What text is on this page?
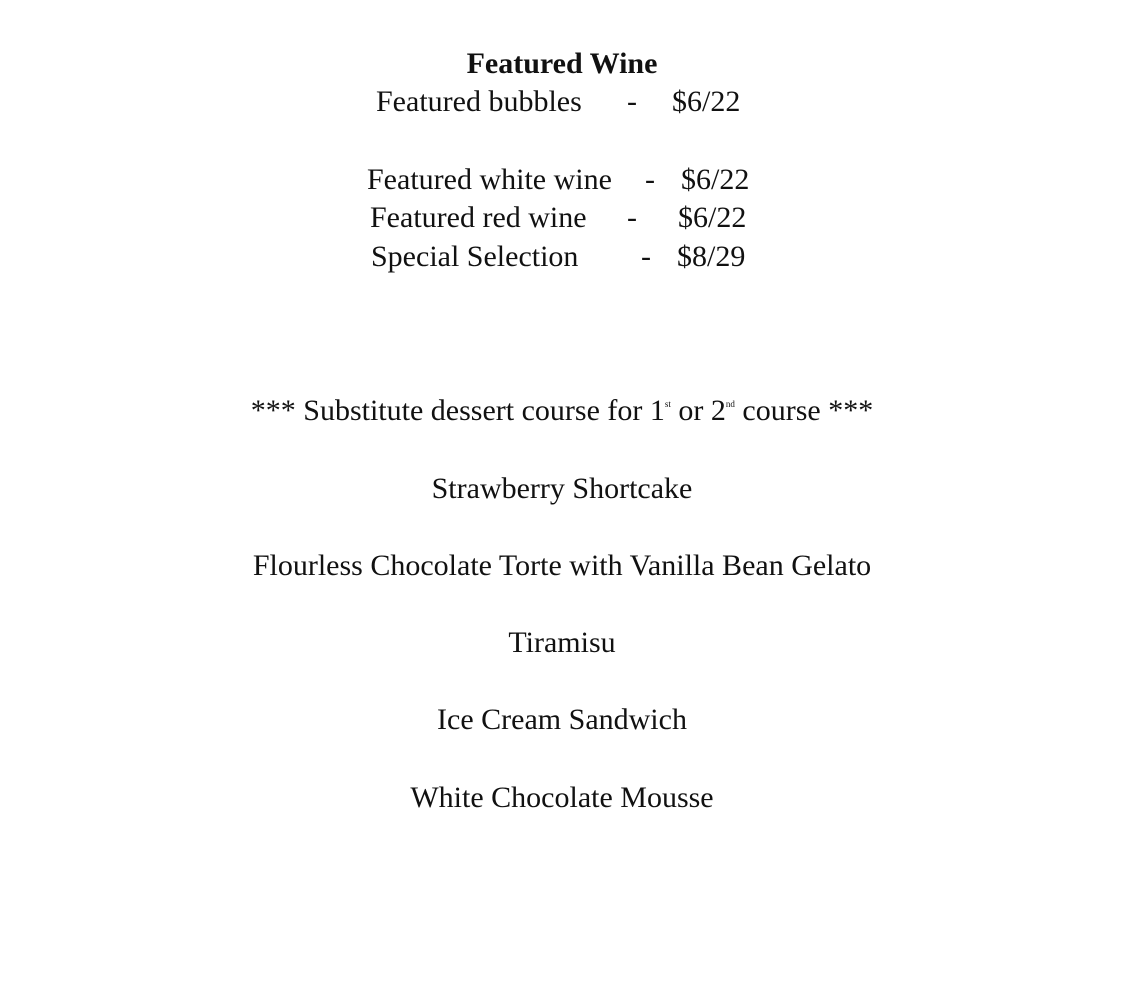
Featured Wine

Featured bubbles

-

$6/22

Featured white wine

-

$6/22

Featured red wine

-

$6/22

Special Selection

-

$8/29

*** Substitute dessert course for 1st or 2nd course ***
Strawberry Shortcake
Flourless Chocolate Torte with Vanilla Bean Gelato
Tiramisu
Ice Cream Sandwich
White Chocolate Mousse
